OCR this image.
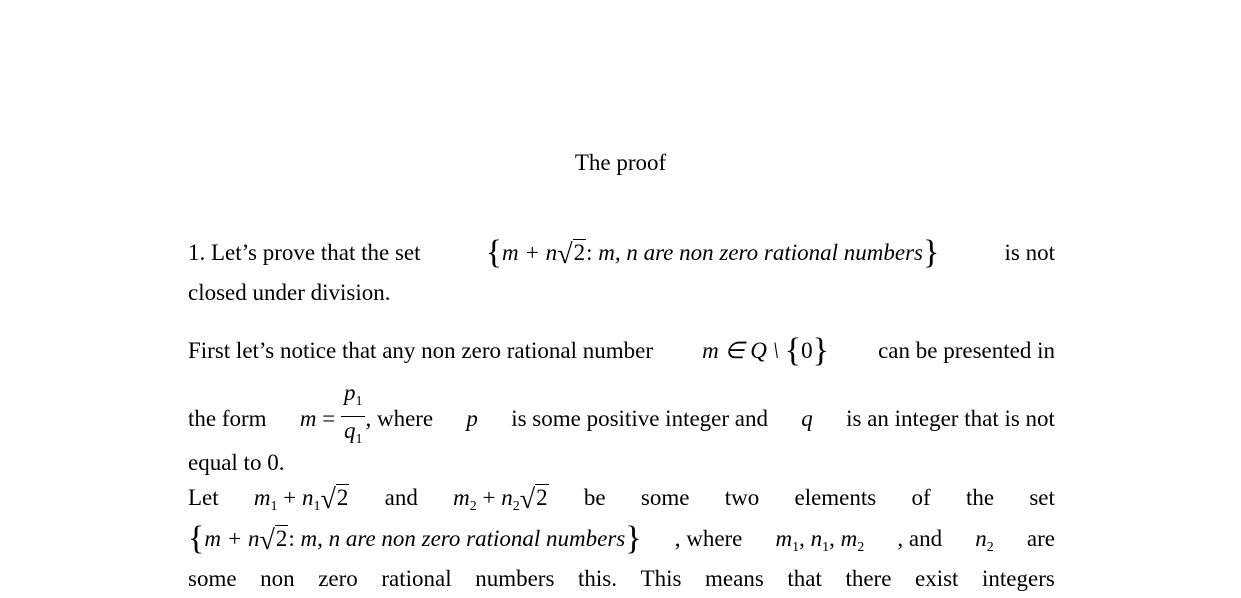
The proof
1. Let’s prove that the set {m + n√2: m, n are non zero rational numbers}	is not
closed under division.
First let’s notice that any non zero rational number m ∈ Q \ {0} can be presented in
the form $m = \frac{p_1}{q_1}$ , where p is some positive integer and q is an integer that is not
equal to 0.
Let $m_1 + n_1√2$ and $m_2 + n_2√2$ be some two elements of the set
{m + n√2: m, n are non zero rational numbers} , where $m_1$, $n_1$, $m_2$ , and $n_2$ are
some non zero rational numbers this. This means that there exist integers
